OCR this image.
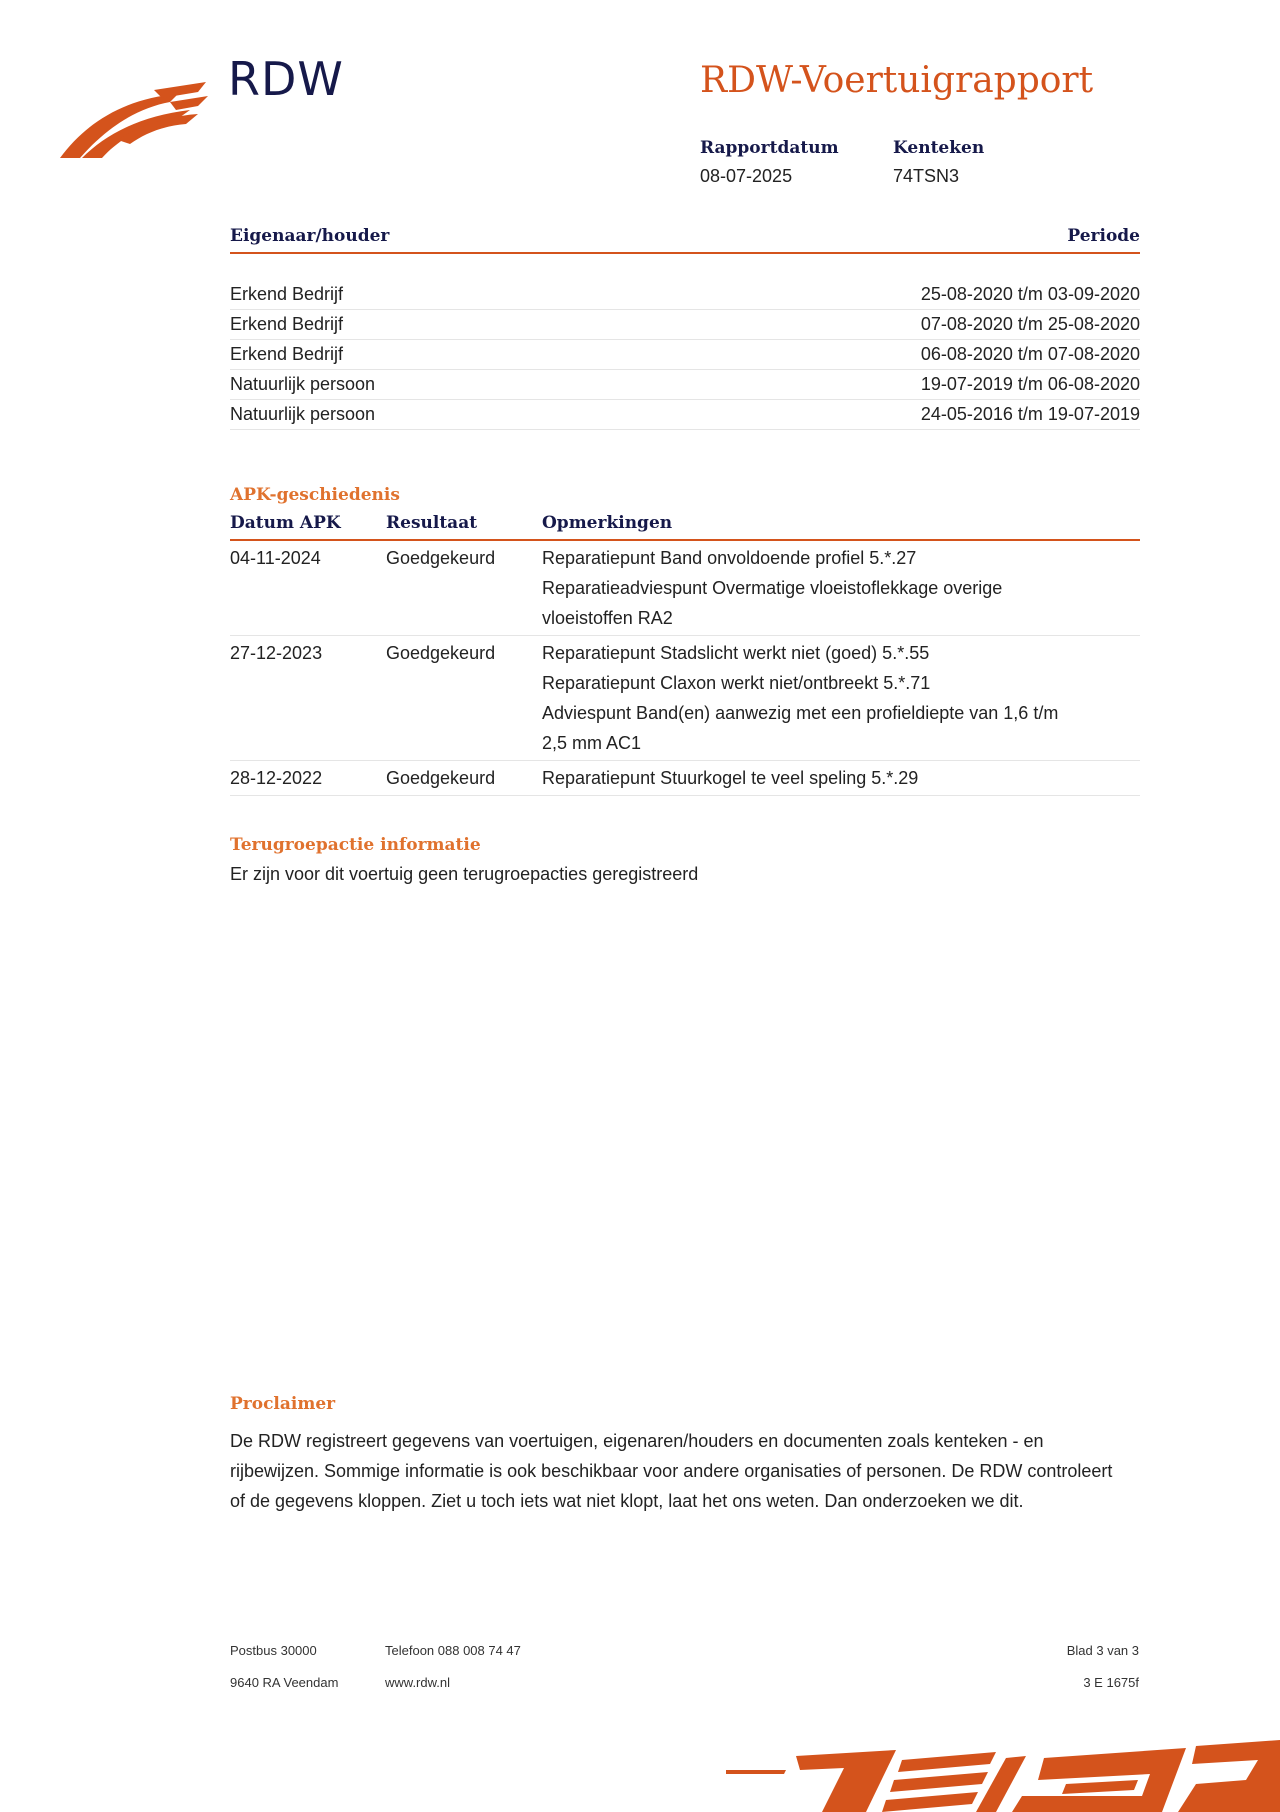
RDW	RDW-Voertuigrapport
Rapportdatum
08-07-2025
Kenteken
74TSN3
Eigenaar/houder	Periode
Erkend Bedrijf	25-08-2020 t/m 03-09-2020
Erkend Bedrijf	07-08-2020 t/m 25-08-2020
Erkend Bedrijf	06-08-2020 t/m 07-08-2020
Natuurlijk persoon	19-07-2019 t/m 06-08-2020
Natuurlijk persoon	24-05-2016 t/m 19-07-2019
APK-geschiedenis
Datum APK	Resultaat	Opmerkingen
04-11-2024	Goedgekeurd	Reparatiepunt Band onvoldoende profiel 5.*.27
Reparatieadviespunt Overmatige vloeistoflekkage overige
vloeistoffen RA2
27-12-2023	Goedgekeurd	Reparatiepunt Stadslicht werkt niet (goed) 5.*.55
Reparatiepunt Claxon werkt niet/ontbreekt 5.*.71
Adviespunt Band(en) aanwezig met een profieldiepte van 1,6 t/m
2,5 mm AC1
28-12-2022	Goedgekeurd	Reparatiepunt Stuurkogel te veel speling 5.*.29
Terugroepactie informatie
Er zijn voor dit voertuig geen terugroepacties geregistreerd
Proclaimer
De RDW registreert gegevens van voertuigen, eigenaren/houders en documenten zoals kenteken - en rijbewijzen. Sommige informatie is ook beschikbaar voor andere organisaties of personen. De RDW controleert of de gegevens kloppen. Ziet u toch iets wat niet klopt, laat het ons weten. Dan onderzoeken we dit.
Postbus 30000
9640 RA Veendam
Telefoon 088 008 74 47
www.rdw.nl
Blad 3 van 3
3 E 1675f
